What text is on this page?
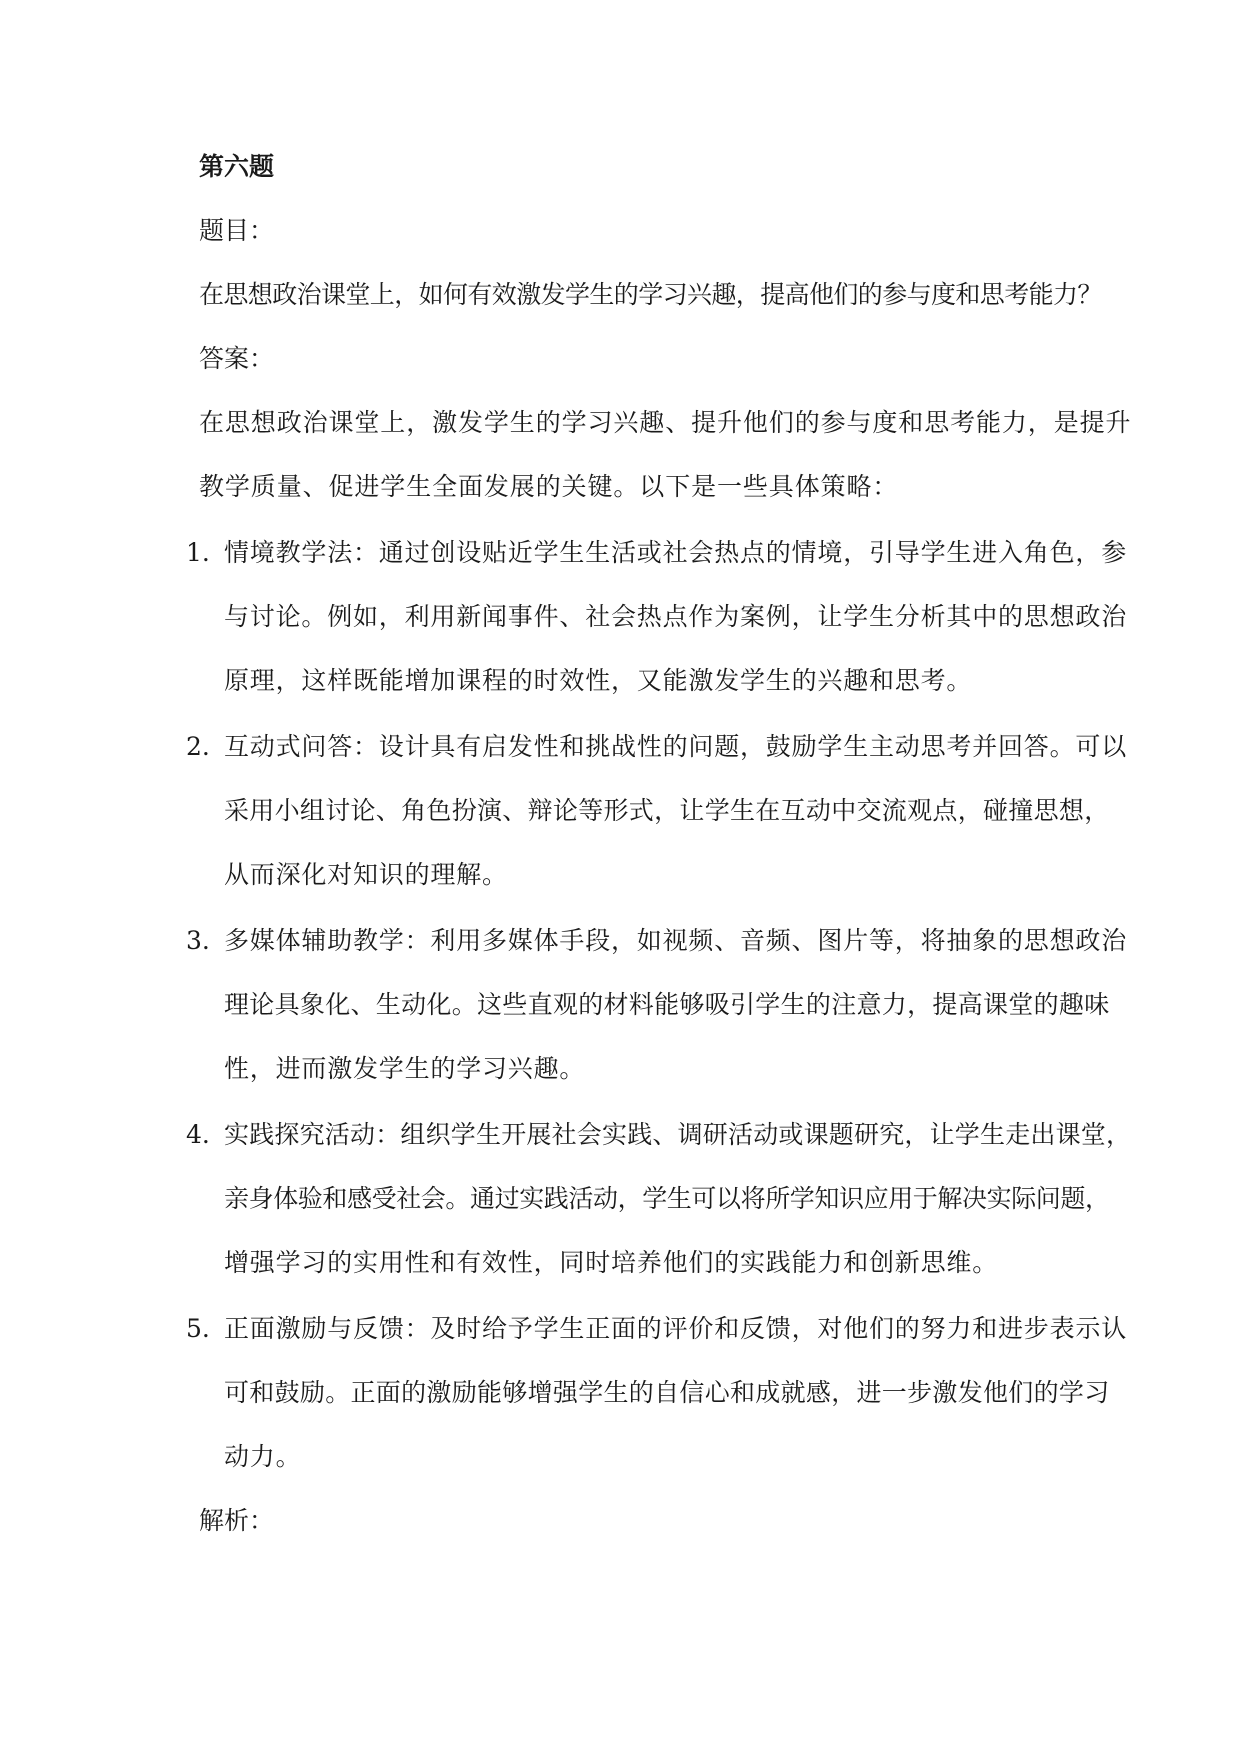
第六题
题目：
在思想政治课堂上，如何有效激发学生的学习兴趣，提高他们的参与度和思考能力？
答案：
在思想政治课堂上，激发学生的学习兴趣、提升他们的参与度和思考能力，是提升
教学质量、促进学生全面发展的关键。以下是一些具体策略：
1. 情境教学法：通过创设贴近学生生活或社会热点的情境，引导学生进入角色，参
与讨论。例如，利用新闻事件、社会热点作为案例，让学生分析其中的思想政治
原理，这样既能增加课程的时效性，又能激发学生的兴趣和思考。
2. 互动式问答：设计具有启发性和挑战性的问题，鼓励学生主动思考并回答。可以
采用小组讨论、角色扮演、辩论等形式，让学生在互动中交流观点，碰撞思想，
从而深化对知识的理解。
3. 多媒体辅助教学：利用多媒体手段，如视频、音频、图片等，将抽象的思想政治
理论具象化、生动化。这些直观的材料能够吸引学生的注意力，提高课堂的趣味
性，进而激发学生的学习兴趣。
4. 实践探究活动：组织学生开展社会实践、调研活动或课题研究，让学生走出课堂，
亲身体验和感受社会。通过实践活动，学生可以将所学知识应用于解决实际问题，
增强学习的实用性和有效性，同时培养他们的实践能力和创新思维。
5. 正面激励与反馈：及时给予学生正面的评价和反馈，对他们的努力和进步表示认
可和鼓励。正面的激励能够增强学生的自信心和成就感，进一步激发他们的学习
动力。
解析：
